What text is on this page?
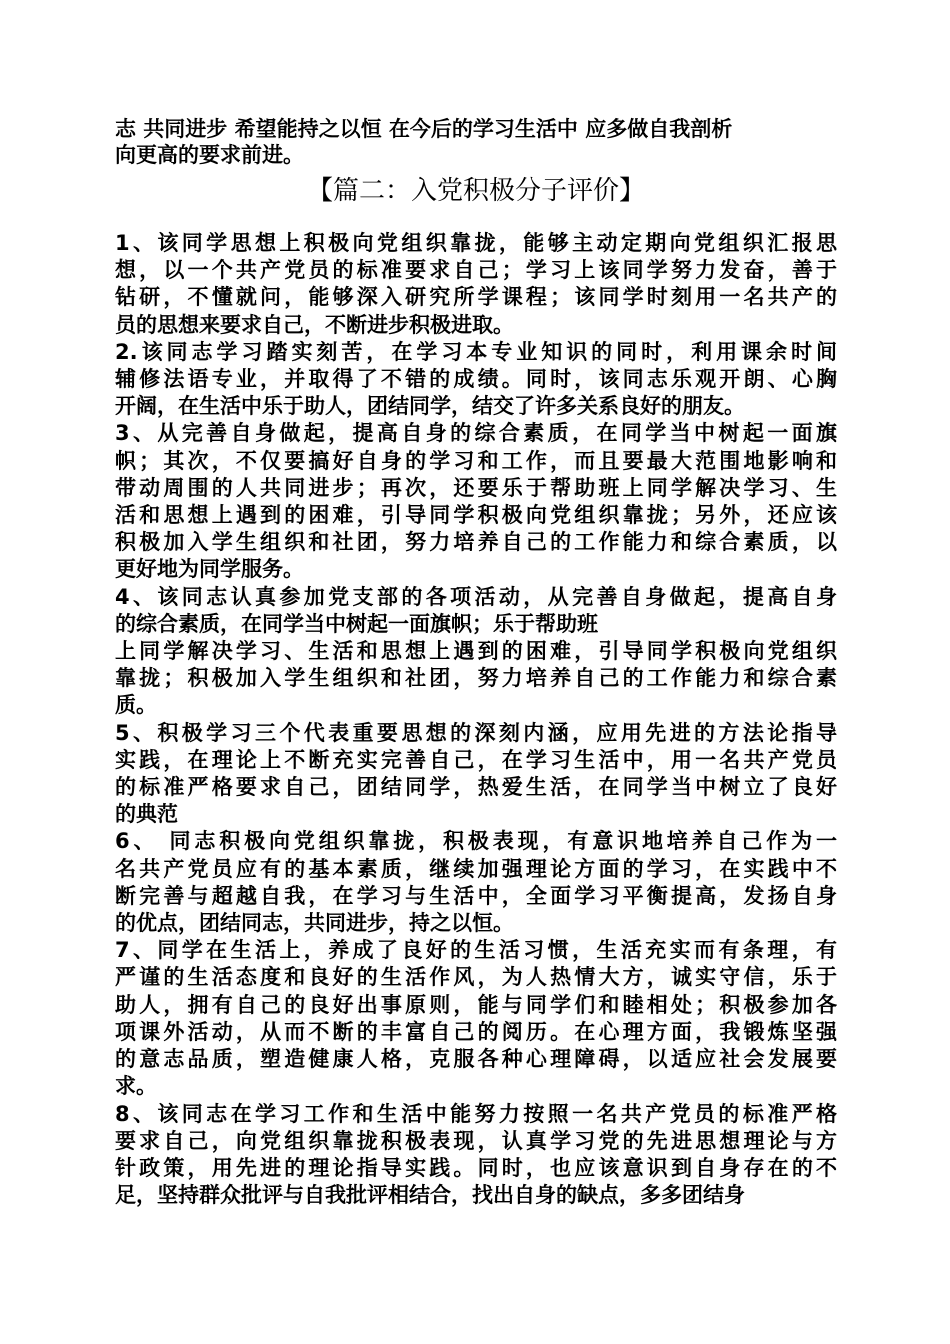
志 共同进步 希望能持之以恒 在今后的学习生活中 应多做自我剖析

向更高的要求前进。

【篇二：入党积极分子评价】

1、该同学思想上积极向党组织靠拢，能够主动定期向党组织汇报思
想，以一个共产党员的标准要求自己；学习上该同学努力发奋，善于
钻研，不懂就问，能够深入研究所学课程；该同学时刻用一名共产的
员的思想来要求自己，不断进步积极进取。

2.该同志学习踏实刻苦，在学习本专业知识的同时，利用课余时间
辅修法语专业，并取得了不错的成绩。同时，该同志乐观开朗、心胸
开阔，在生活中乐于助人，团结同学，结交了许多关系良好的朋友。

3、从完善自身做起，提高自身的综合素质，在同学当中树起一面旗
帜；其次，不仅要搞好自身的学习和工作，而且要最大范围地影响和
带动周围的人共同进步；再次，还要乐于帮助班上同学解决学习、生
活和思想上遇到的困难，引导同学积极向党组织靠拢；另外，还应该
积极加入学生组织和社团，努力培养自己的工作能力和综合素质，以
更好地为同学服务。

4、该同志认真参加党支部的各项活动，从完善自身做起，提高自身
的综合素质，在同学当中树起一面旗帜；乐于帮助班
上同学解决学习、生活和思想上遇到的困难，引导同学积极向党组织
靠拢；积极加入学生组织和社团，努力培养自己的工作能力和综合素
质。

5、积极学习三个代表重要思想的深刻内涵，应用先进的方法论指导
实践，在理论上不断充实完善自己，在学习生活中，用一名共产党员
的标准严格要求自己，团结同学，热爱生活，在同学当中树立了良好
的典范

6、 同志积极向党组织靠拢，积极表现，有意识地培养自己作为一
名共产党员应有的基本素质，继续加强理论方面的学习，在实践中不
断完善与超越自我，在学习与生活中，全面学习平衡提高，发扬自身
的优点，团结同志，共同进步，持之以恒。

7、同学在生活上，养成了良好的生活习惯，生活充实而有条理，有
严谨的生活态度和良好的生活作风，为人热情大方，诚实守信，乐于
助人，拥有自己的良好出事原则，能与同学们和睦相处；积极参加各
项课外活动，从而不断的丰富自己的阅历。在心理方面，我锻炼坚强
的意志品质，塑造健康人格，克服各种心理障碍，以适应社会发展要
求。

8、该同志在学习工作和生活中能努力按照一名共产党员的标准严格
要求自己，向党组织靠拢积极表现，认真学习党的先进思想理论与方
针政策，用先进的理论指导实践。同时，也应该意识到自身存在的不
足，坚持群众批评与自我批评相结合，找出自身的缺点，多多团结身
